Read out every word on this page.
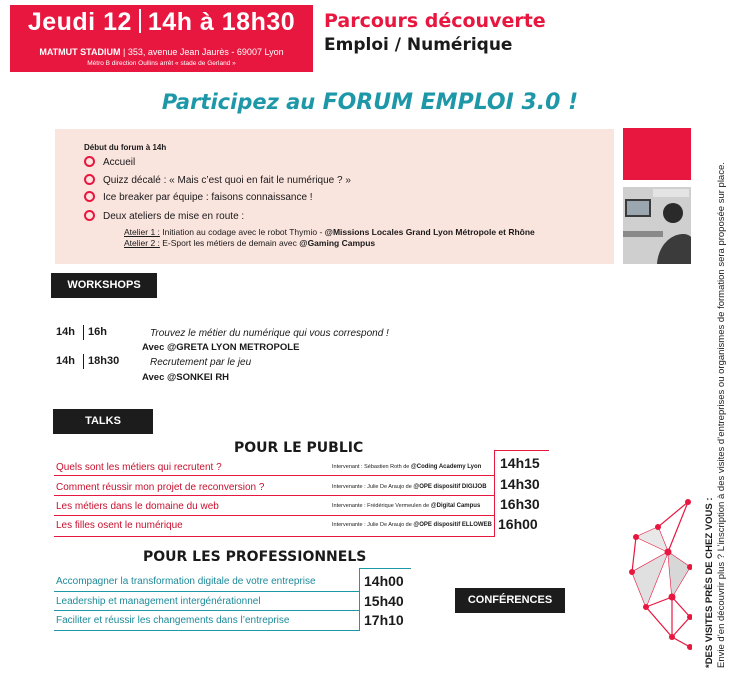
Jeudi 12 14h à 18h30
MATMUT STADIUM | 353, avenue Jean Jaurès - 69007 Lyon
Métro B direction Oullins arrêt « stade de Gerland »
Parcours découverte
Emploi / Numérique
Participez au FORUM EMPLOI 3.0 !
Début du forum à 14h
Accueil
Quizz décalé : « Mais c’est quoi en fait le numérique ? »
Ice breaker par équipe : faisons connaissance !
Deux ateliers de mise en route :
Atelier 1 : Initiation au codage avec le robot Thymio - @Missions Locales Grand Lyon Métropole et Rhône
Atelier 2 : E-Sport les métiers de demain avec @Gaming Campus
WORKSHOPS
14h 16h	Trouvez le métier du numérique qui vous correspond !
Avec @GRETA LYON METROPOLE
14h 18h30	Recrutement par le jeu
Avec @SONKEI RH
TALKS
POUR LE PUBLIC
Quels sont les métiers qui recrutent ?	Intervenant : Sébastien Roth de @Coding Academy Lyon 14h15
Comment réussir mon projet de reconversion ?	Intervenante : Julie De Araujo de @OPE dispositif DIGIJOB 14h30
Les métiers dans le domaine du web	Intervenante : Frédérique Vermeulen de @Digital Campus 16h30
Les filles osent le numérique	Intervenante : Julie De Araujo de @OPE dispositif ELLOWEB 16h00
POUR LES PROFESSIONNELS
Accompagner la transformation digitale de votre entreprise	14h00
Leadership et management intergénérationnel	15h40
Faciliter et réussir les changements dans l’entreprise	17h10
CONFÉRENCES	*DES VISITES PRÈS DE CHEZ VOUS : Envie d’en découvrir plus ? L’inscription à des visites d’entreprises ou organismes de formation sera proposée sur place.
